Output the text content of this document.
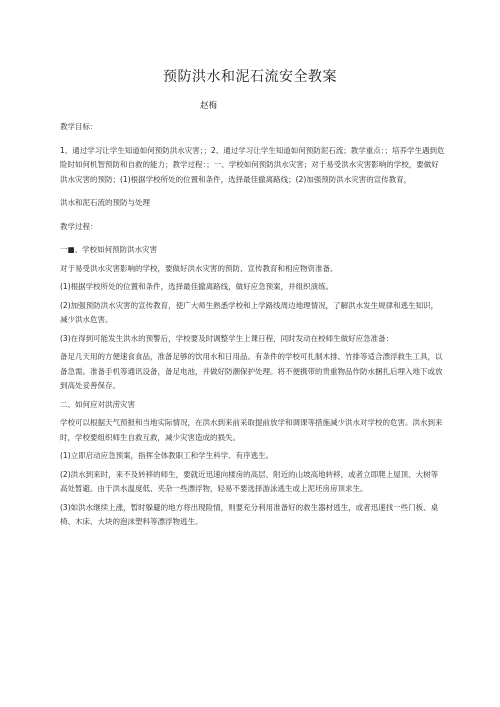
预防洪水和泥石流安全教案
赵梅

教学目标：

1、通过学习让学生知道如何预防洪水灾害；；2、通过学习让学生知道如何预防泥石流；教学重点：；培养学生遇到危险时如何机智预防和自救的能力；教学过程：；一、学校如何预防洪水灾害；对于易受洪水灾害影响的学校，要做好洪水灾害的预防；(1)根据学校所处的位置和条件，选择最佳撤离路线；(2)加强预防洪水灾害的宣传教育，

洪水和泥石流的预防与处理

教学过程：

一■、学校如何预防洪水灾害

对于易受洪水灾害影响的学校，要做好洪水灾害的预防、宣传教育和相应物资准备。

(1)根据学校所处的位置和条件，选择最佳撤离路线，做好应急预案，并组织演练。

(2)加强预防洪水灾害的宣传教育，使广大师生熟悉学校和上学路线周边地理情况，了解洪水发生规律和逃生知识，减少洪水危害。

(3)在得到可能发生洪水的预警后，学校要及时调整学生上课日程，同时发动在校师生做好应急准备：

备足几天用的方便速食食品，准备足够的饮用水和日用品。有条件的学校可扎制木排、竹排等适合漂浮救生工具，以备急需。准备手机等通讯设备，备足电池，并做好防潮保护处理。将不便携带的贵重物品作防水捆扎后埋入地下或放到高处妥善保存。

二、如何应对洪涝灾害

学校可以根据天气预报和当地实际情况，在洪水到来前采取提前放学和调课等措施减少洪水对学校的危害。洪水到来时，学校要组织师生自救互救，减少灾害造成的损失。

(1)立即启动应急预案，指挥全体教职工和学生科学、有序逃生。

(2)洪水到来时，来不及转移的师生，要就近迅速向楼房的高层、附近的山坡高地转移，或者立即爬上屋顶、大树等高处暂避。由于洪水温度低、夹杂一些漂浮物，轻易不要选择游泳逃生或上泥坯房房顶求生。

(3)如洪水继续上涨，暂时躲避的地方将出现险情，则要充分利用准备好的救生器材逃生，或者迅速找一些门板、桌椅、木床、大块的泡沫塑料等漂浮物逃生。
